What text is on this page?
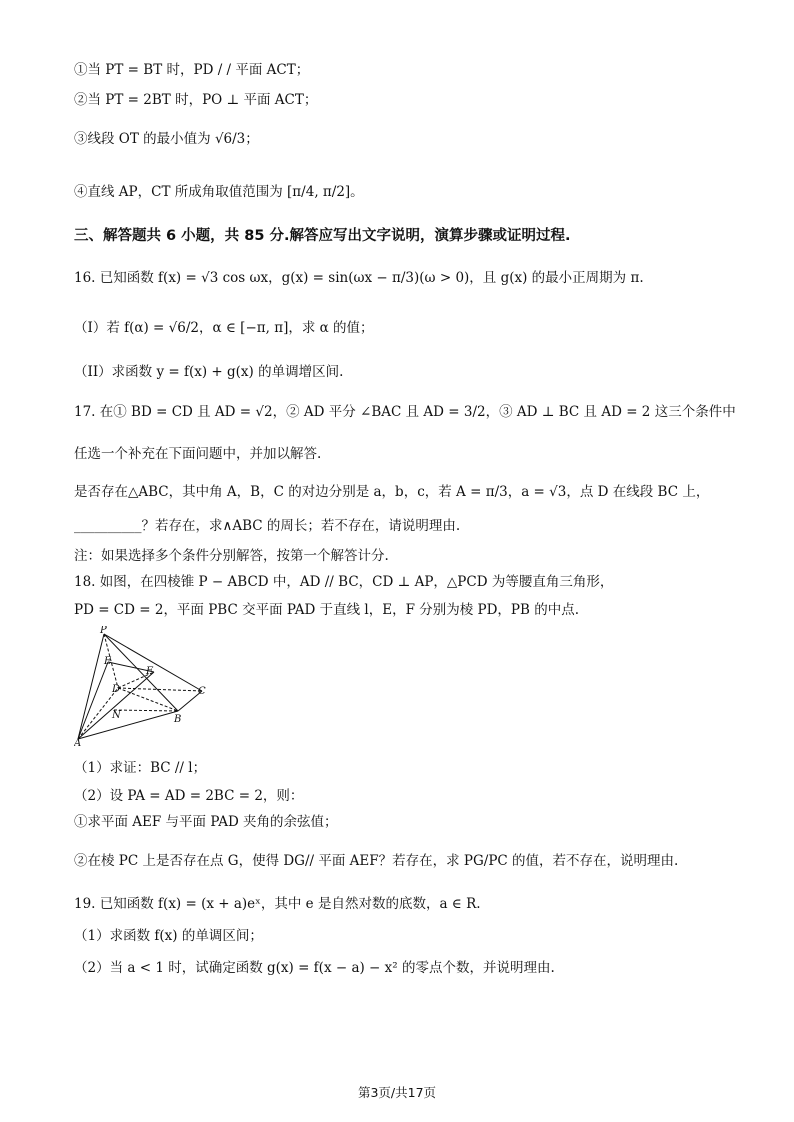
①当 PT = BT 时，PD / / 平面 ACT；
②当 PT = 2BT 时，PO ⊥ 平面 ACT；
③线段 OT 的最小值为 √6/3；
④直线 AP，CT 所成角取值范围为 [π/4, π/2]。
三、解答题共 6 小题，共 85 分.解答应写出文字说明，演算步骤或证明过程.
16. 已知函数 f(x) = √3 cos ωx，g(x) = sin(ωx − π/3)(ω > 0)，且 g(x) 的最小正周期为 π.
（I）若 f(α) = √6/2，α ∈ [−π, π]，求 α 的值；
（II）求函数 y = f(x) + g(x) 的单调增区间.
17. 在① BD = CD 且 AD = √2，② AD 平分 ∠BAC 且 AD = 3/2，③ AD ⊥ BC 且 AD = 2 这三个条件中
任选一个补充在下面问题中，并加以解答.
是否存在△ABC，其中角 A，B，C 的对边分别是 a，b，c，若 A = π/3，a = √3，点 D 在线段 BC 上，
__________？若存在，求∧ABC 的周长；若不存在，请说明理由.
注：如果选择多个条件分别解答，按第一个解答计分.
18. 如图，在四棱锥 P − ABCD 中，AD // BC，CD ⊥ AP，△PCD 为等腰直角三角形，
PD = CD = 2，平面 PBC 交平面 PAD 于直线 l，E，F 分别为棱 PD，PB 的中点.
P
E
F
D	C
N	B
A
（1）求证：BC // l；
（2）设 PA = AD = 2BC = 2，则：
①求平面 AEF 与平面 PAD 夹角的余弦值；
②在棱 PC 上是否存在点 G，使得 DG// 平面 AEF？若存在，求 PG/PC 的值，若不存在，说明理由.
19. 已知函数 f(x) = (x + a)eˣ，其中 e 是自然对数的底数，a ∈ R.
（1）求函数 f(x) 的单调区间；
（2）当 a < 1 时，试确定函数 g(x) = f(x − a) − x² 的零点个数，并说明理由.
第3页/共17页
